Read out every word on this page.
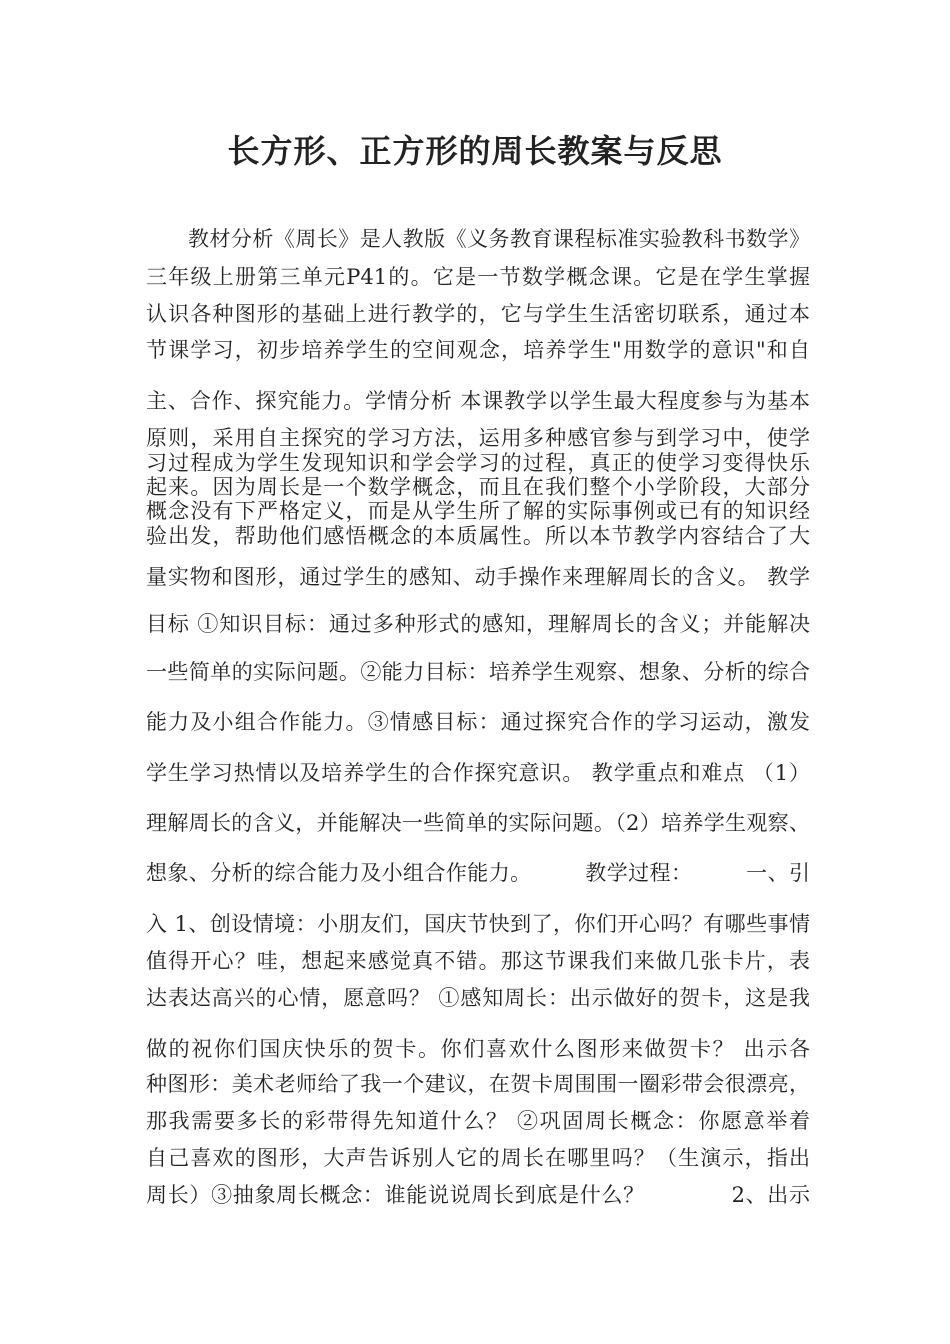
长方形、正方形的周长教案与反思
教材分析《周长》是人教版《义务教育课程标准实验教科书数学》
三年级上册第三单元P41的。它是一节数学概念课。它是在学生掌握
认识各种图形的基础上进行教学的，它与学生生活密切联系，通过本
节课学习，初步培养学生的空间观念，培养学生"用数学的意识"和自
主、合作、探究能力。学情分析 本课教学以学生最大程度参与为基本
原则，采用自主探究的学习方法，运用多种感官参与到学习中，使学
习过程成为学生发现知识和学会学习的过程，真正的使学习变得快乐
起来。因为周长是一个数学概念，而且在我们整个小学阶段，大部分
概念没有下严格定义，而是从学生所了解的实际事例或已有的知识经
验出发，帮助他们感悟概念的本质属性。所以本节教学内容结合了大
量实物和图形，通过学生的感知、动手操作来理解周长的含义。 教学
目标 ①知识目标：通过多种形式的感知，理解周长的含义；并能解决
一些简单的实际问题。②能力目标：培养学生观察、想象、分析的综合
能力及小组合作能力。③情感目标：通过探究合作的学习运动，激发
学生学习热情以及培养学生的合作探究意识。 教学重点和难点 （1）
理解周长的含义，并能解决一些简单的实际问题。（2）培养学生观察、
想象、分析的综合能力及小组合作能力。　　　教学过程：　　　一、引
入 1、创设情境：小朋友们，国庆节快到了，你们开心吗？有哪些事情
值得开心？哇，想起来感觉真不错。那这节课我们来做几张卡片，表
达表达高兴的心情，愿意吗？ ①感知周长：出示做好的贺卡，这是我
做的祝你们国庆快乐的贺卡。你们喜欢什么图形来做贺卡？ 出示各
种图形：美术老师给了我一个建议，在贺卡周围围一圈彩带会很漂亮，
那我需要多长的彩带得先知道什么？ ②巩固周长概念：你愿意举着
自己喜欢的图形，大声告诉别人它的周长在哪里吗？（生演示，指出
周长）③抽象周长概念：谁能说说周长到底是什么？　　　　2、出示
